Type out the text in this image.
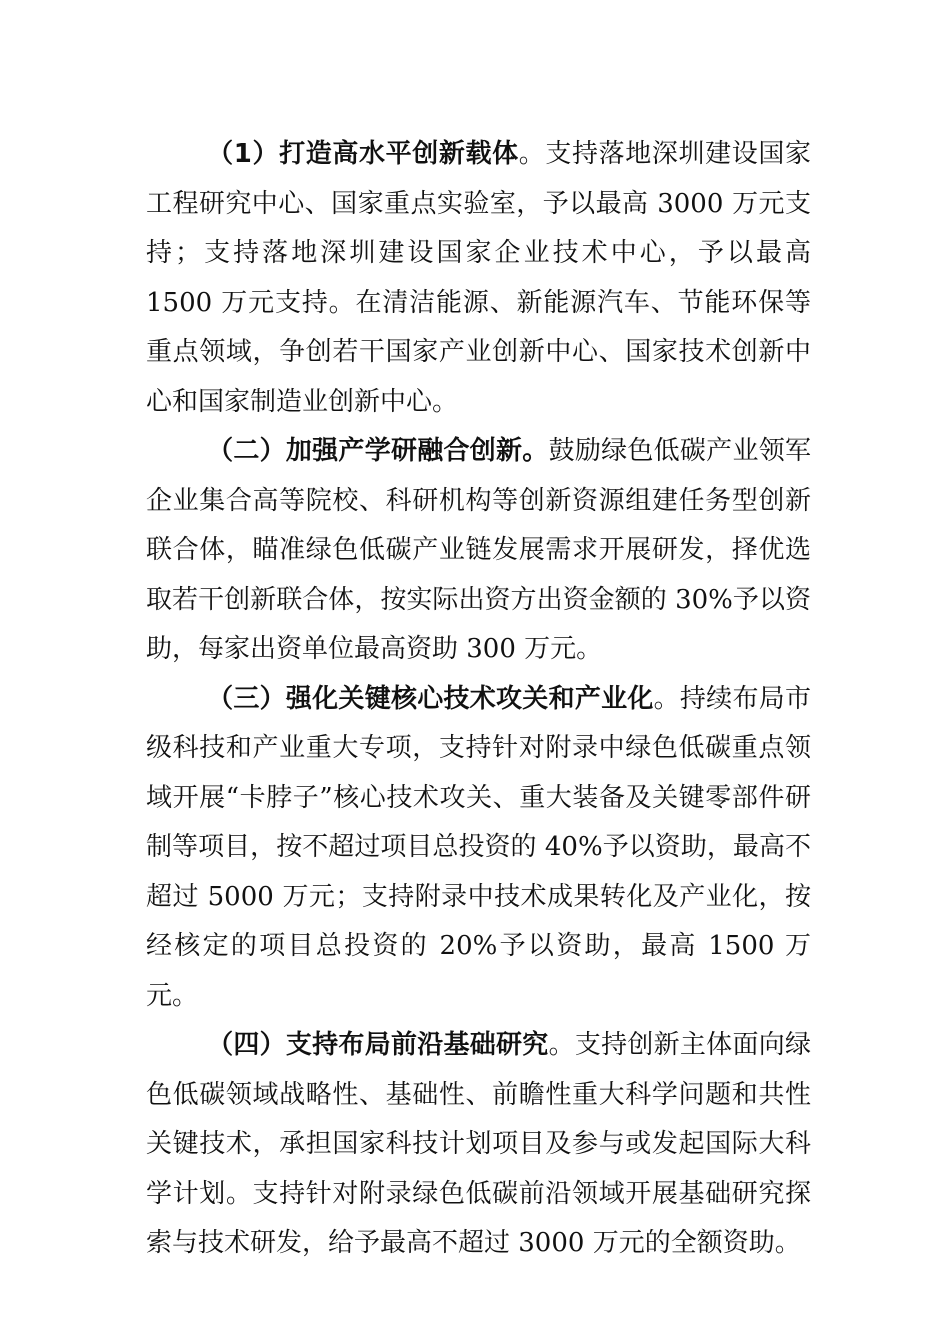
（1）打造高水平创新载体。支持落地深圳建设国家工程研究中心、国家重点实验室，予以最高 3000 万元支持；支持落地深圳建设国家企业技术中心，予以最高 1500 万元支持。在清洁能源、新能源汽车、节能环保等重点领域，争创若干国家产业创新中心、国家技术创新中心和国家制造业创新中心。

（二）加强产学研融合创新。鼓励绿色低碳产业领军企业集合高等院校、科研机构等创新资源组建任务型创新联合体，瞄准绿色低碳产业链发展需求开展研发，择优选取若干创新联合体，按实际出资方出资金额的 30%予以资助，每家出资单位最高资助 300 万元。

（三）强化关键核心技术攻关和产业化。持续布局市级科技和产业重大专项，支持针对附录中绿色低碳重点领域开展“卡脖子”核心技术攻关、重大装备及关键零部件研制等项目，按不超过项目总投资的 40%予以资助，最高不超过 5000 万元；支持附录中技术成果转化及产业化，按经核定的项目总投资的 20%予以资助，最高 1500 万元。

（四）支持布局前沿基础研究。支持创新主体面向绿色低碳领域战略性、基础性、前瞻性重大科学问题和共性关键技术，承担国家科技计划项目及参与或发起国际大科学计划。支持针对附录绿色低碳前沿领域开展基础研究探索与技术研发，给予最高不超过 3000 万元的全额资助。
